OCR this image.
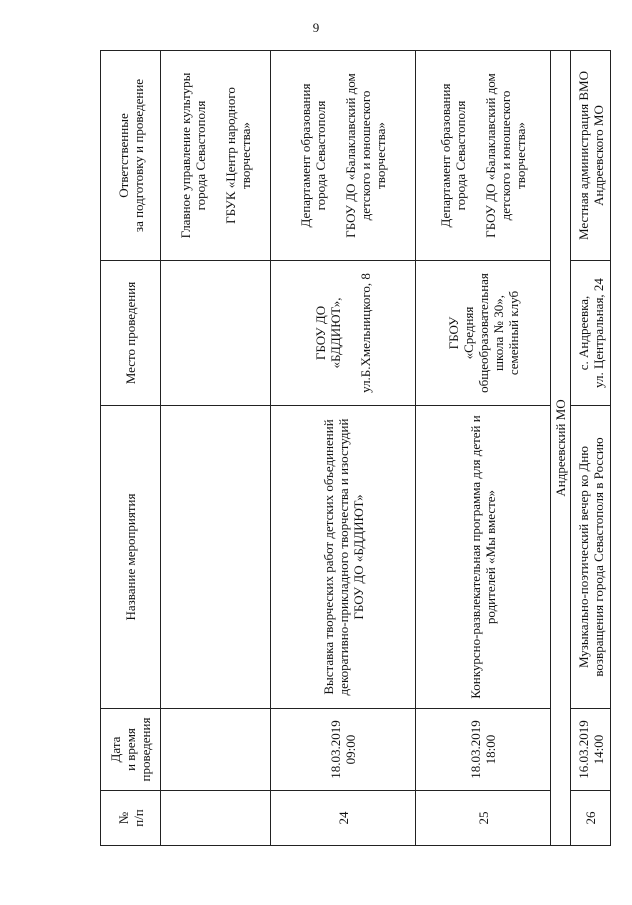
9
№
п/п	Дата
и время
проведения	Название мероприятия	Место проведения	Ответственные
за подготовку и проведение
				Главное управление культуры
города Севастополя

ГБУК «Центр народного
творчества»
24	18.03.2019
09:00	Выставка творческих работ детских объединений декоративно-прикладного творчества и изостудий ГБОУ ДО «БДДИЮТ»	ГБОУ ДО
«БДДИЮТ»,

ул.Б.Хмельницкого, 8	Департамент образования
города Севастополя

ГБОУ ДО «Балаклавский дом
детского и юношеского
творчества»
25	18.03.2019
18:00	Конкурсно-развлекательная программа для детей и родителей «Мы вместе»	ГБОУ
«Средняя
общеобразовательная
школа № 30»,
семейный клуб	Департамент образования
города Севастополя

ГБОУ ДО «Балаклавский дом
детского и юношеского
творчества»
Андреевский МО				
26	16.03.2019
14:00	Музыкально-поэтический вечер ко Дню возвращения города Севастополя в Россию	с. Андреевка,
ул. Центральная, 24	Местная администрация ВМО
Андреевского МО
